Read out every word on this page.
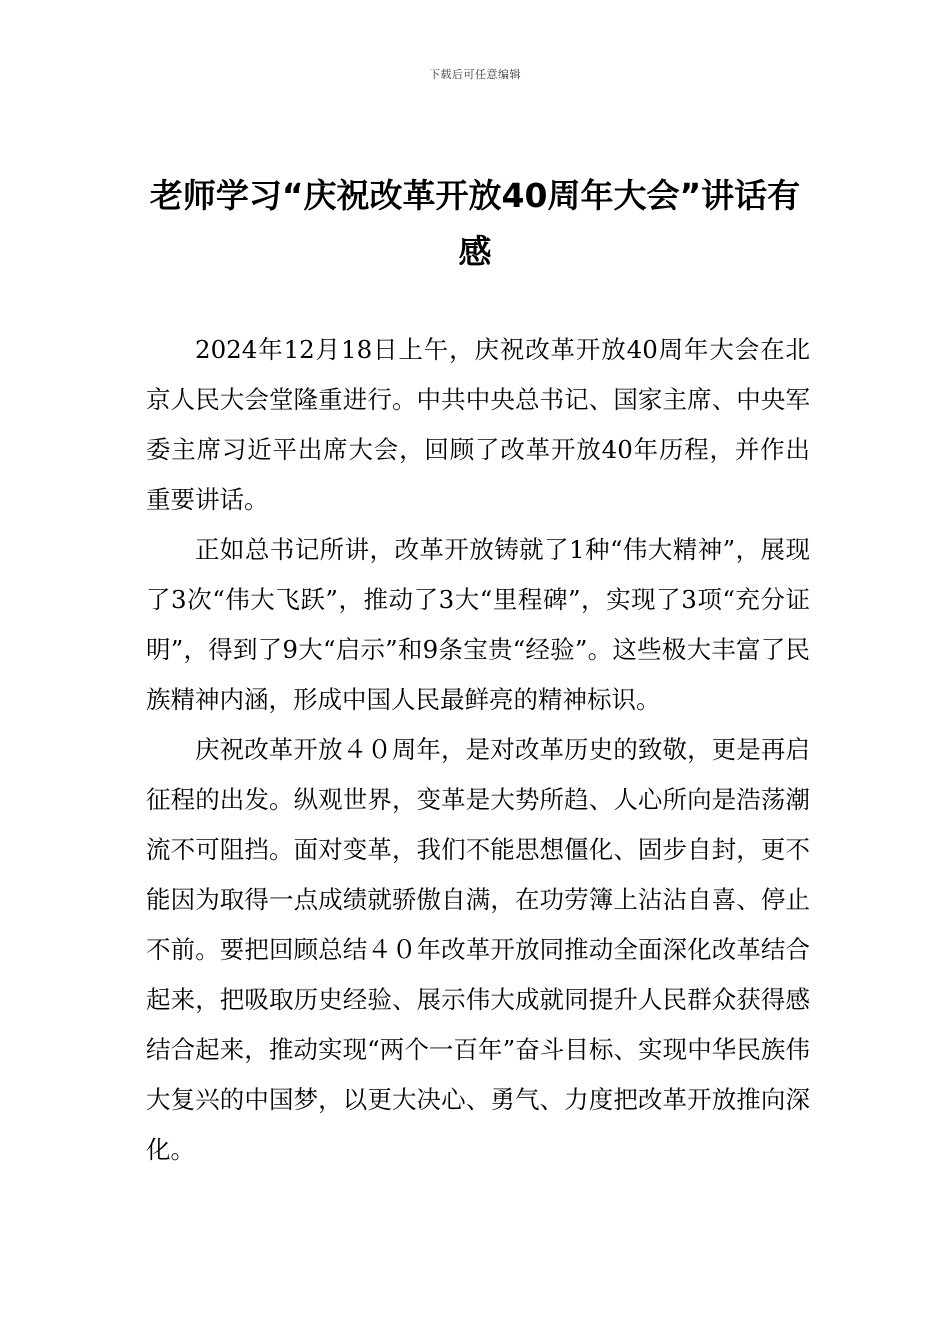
下载后可任意编辑
老师学习“庆祝改革开放40周年大会”讲话有感

2024年12月18日上午，庆祝改革开放40周年大会在北京人民大会堂隆重进行。中共中央总书记、国家主席、中央军委主席习近平出席大会，回顾了改革开放40年历程，并作出重要讲话。

正如总书记所讲，改革开放铸就了1种“伟大精神”，展现了3次“伟大飞跃”，推动了3大“里程碑”，实现了3项“充分证明”，得到了9大“启示”和9条宝贵“经验”。这些极大丰富了民族精神内涵，形成中国人民最鲜亮的精神标识。

庆祝改革开放４０周年，是对改革历史的致敬，更是再启征程的出发。纵观世界，变革是大势所趋、人心所向是浩荡潮流不可阻挡。面对变革，我们不能思想僵化、固步自封，更不能因为取得一点成绩就骄傲自满，在功劳簿上沾沾自喜、停止不前。要把回顾总结４０年改革开放同推动全面深化改革结合起来，把吸取历史经验、展示伟大成就同提升人民群众获得感结合起来，推动实现“两个一百年”奋斗目标、实现中华民族伟大复兴的中国梦，以更大决心、勇气、力度把改革开放推向深化。
